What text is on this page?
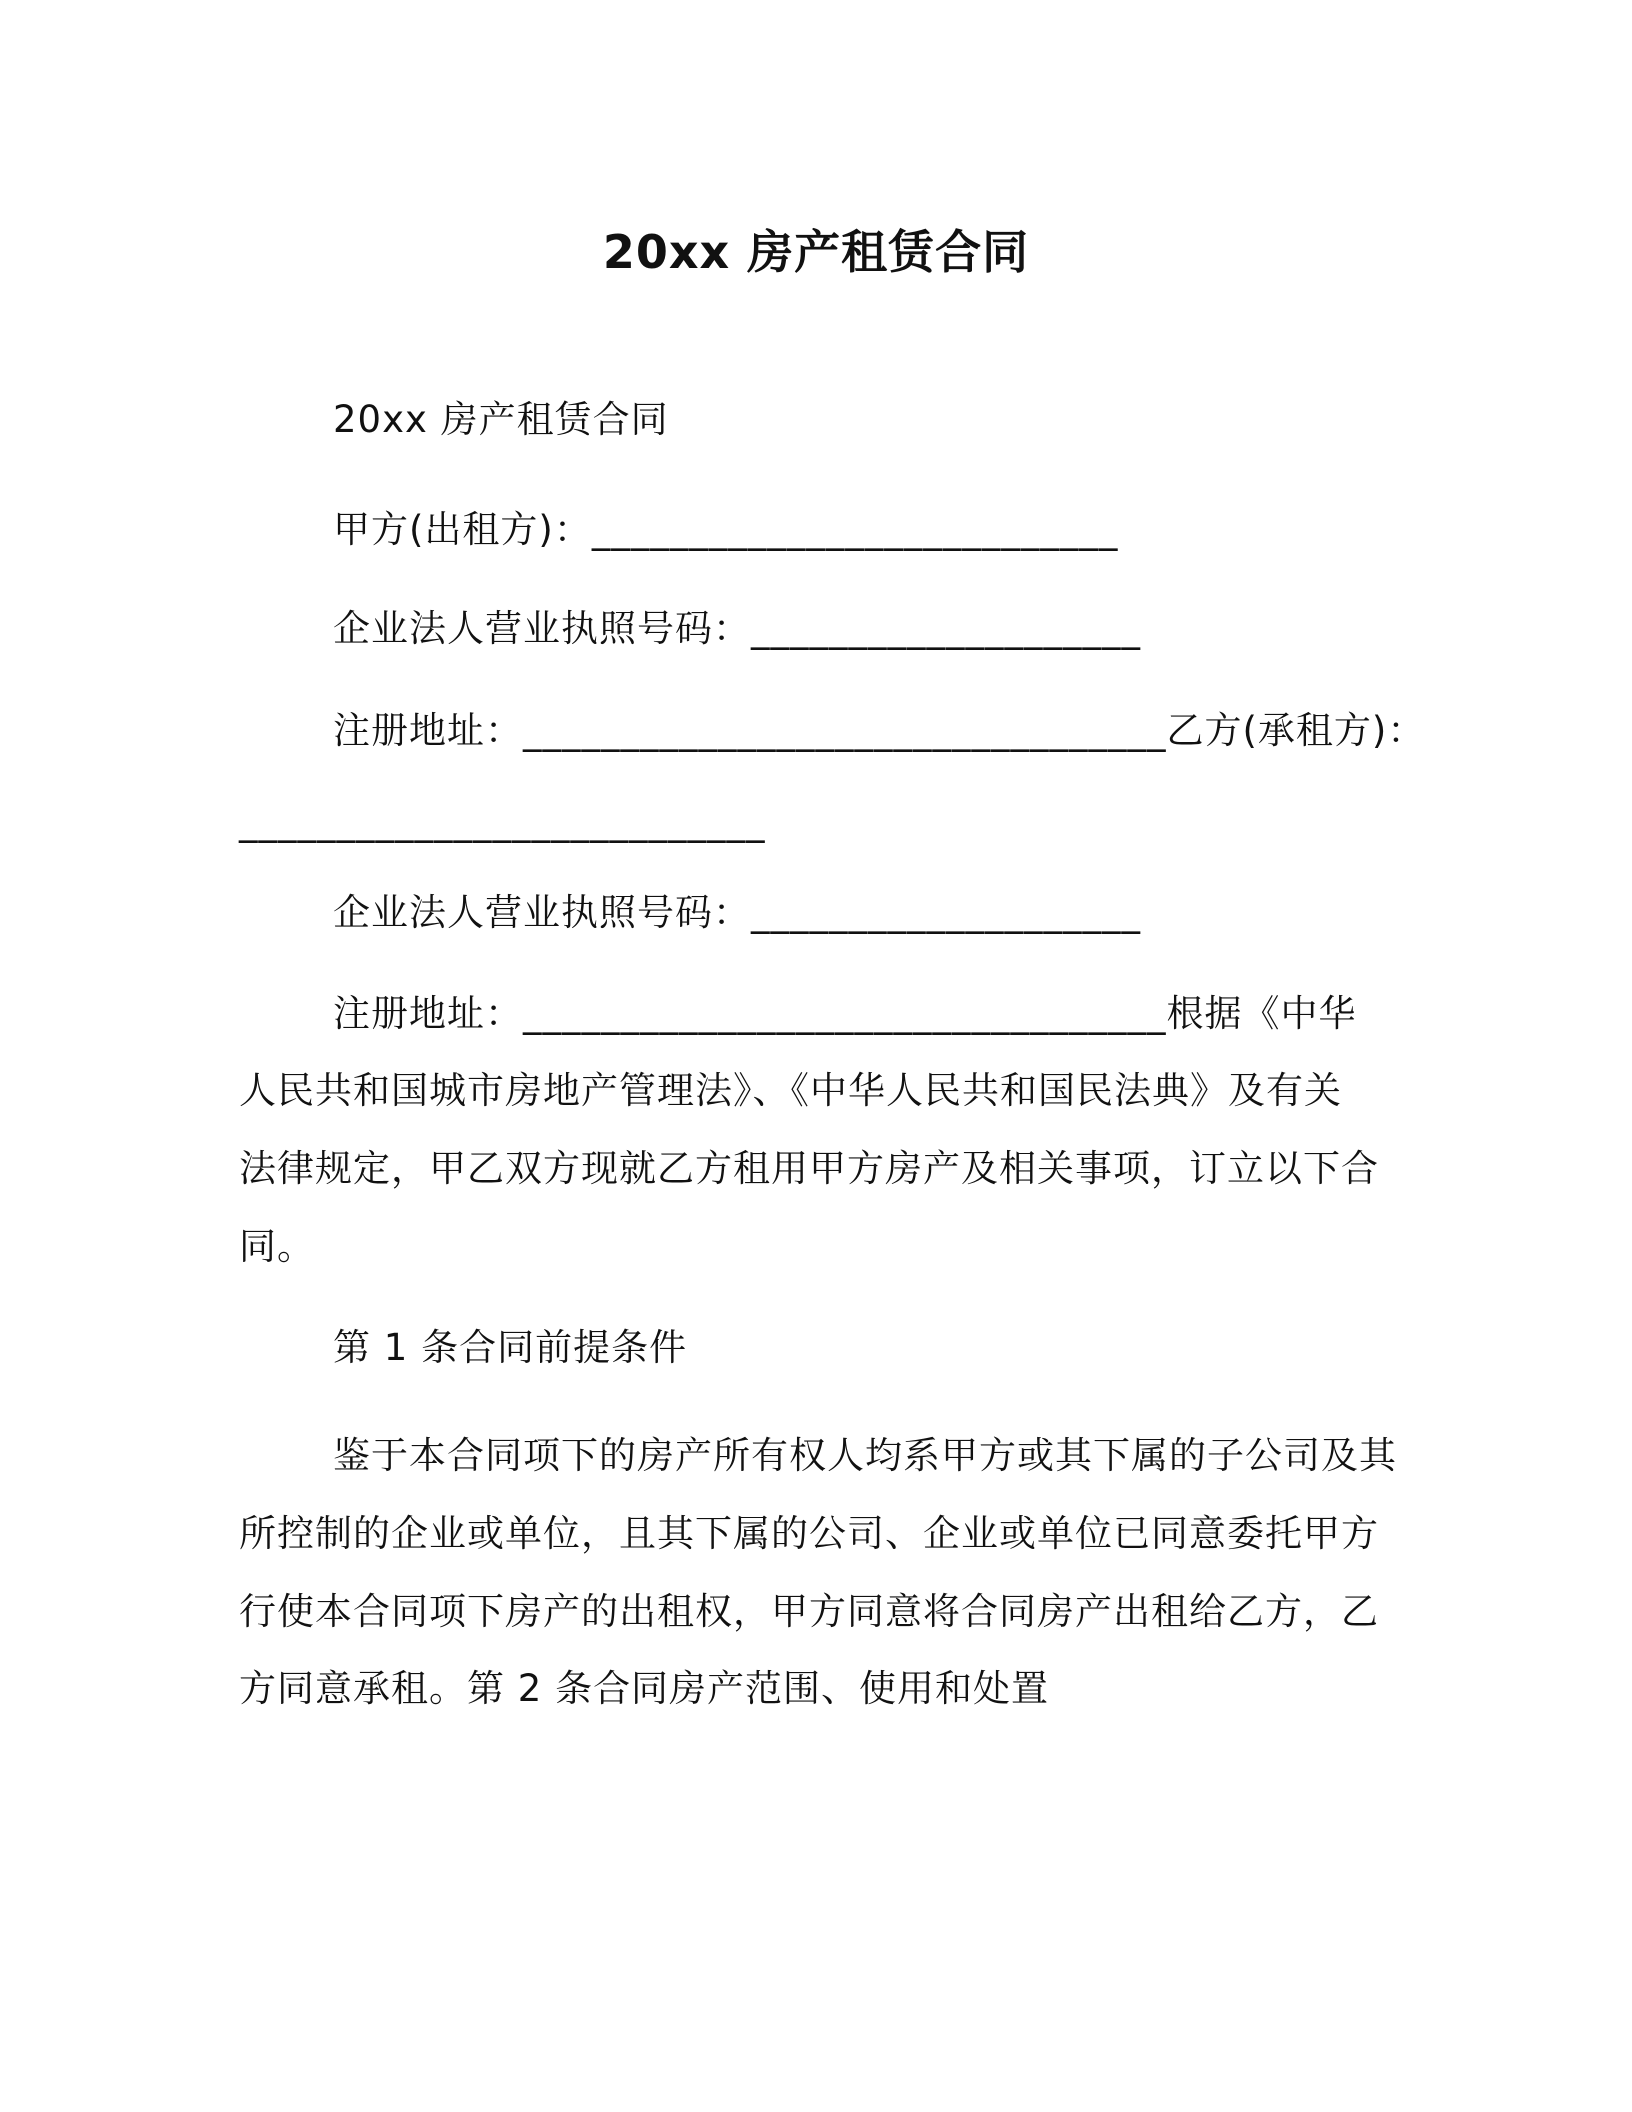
20xx 房产租赁合同
20xx 房产租赁合同
甲方(出租方)：___________________________
企业法人营业执照号码：____________________
注册地址：_________________________________乙方(承租方)：
___________________________
企业法人营业执照号码：____________________
注册地址：_________________________________根据《中华
人民共和国城市房地产管理法》、《中华人民共和国民法典》及有关
法律规定，甲乙双方现就乙方租用甲方房产及相关事项，订立以下合
同。
第 1 条合同前提条件
鉴于本合同项下的房产所有权人均系甲方或其下属的子公司及其
所控制的企业或单位，且其下属的公司、企业或单位已同意委托甲方
行使本合同项下房产的出租权，甲方同意将合同房产出租给乙方，乙
方同意承租。第 2 条合同房产范围、使用和处置
